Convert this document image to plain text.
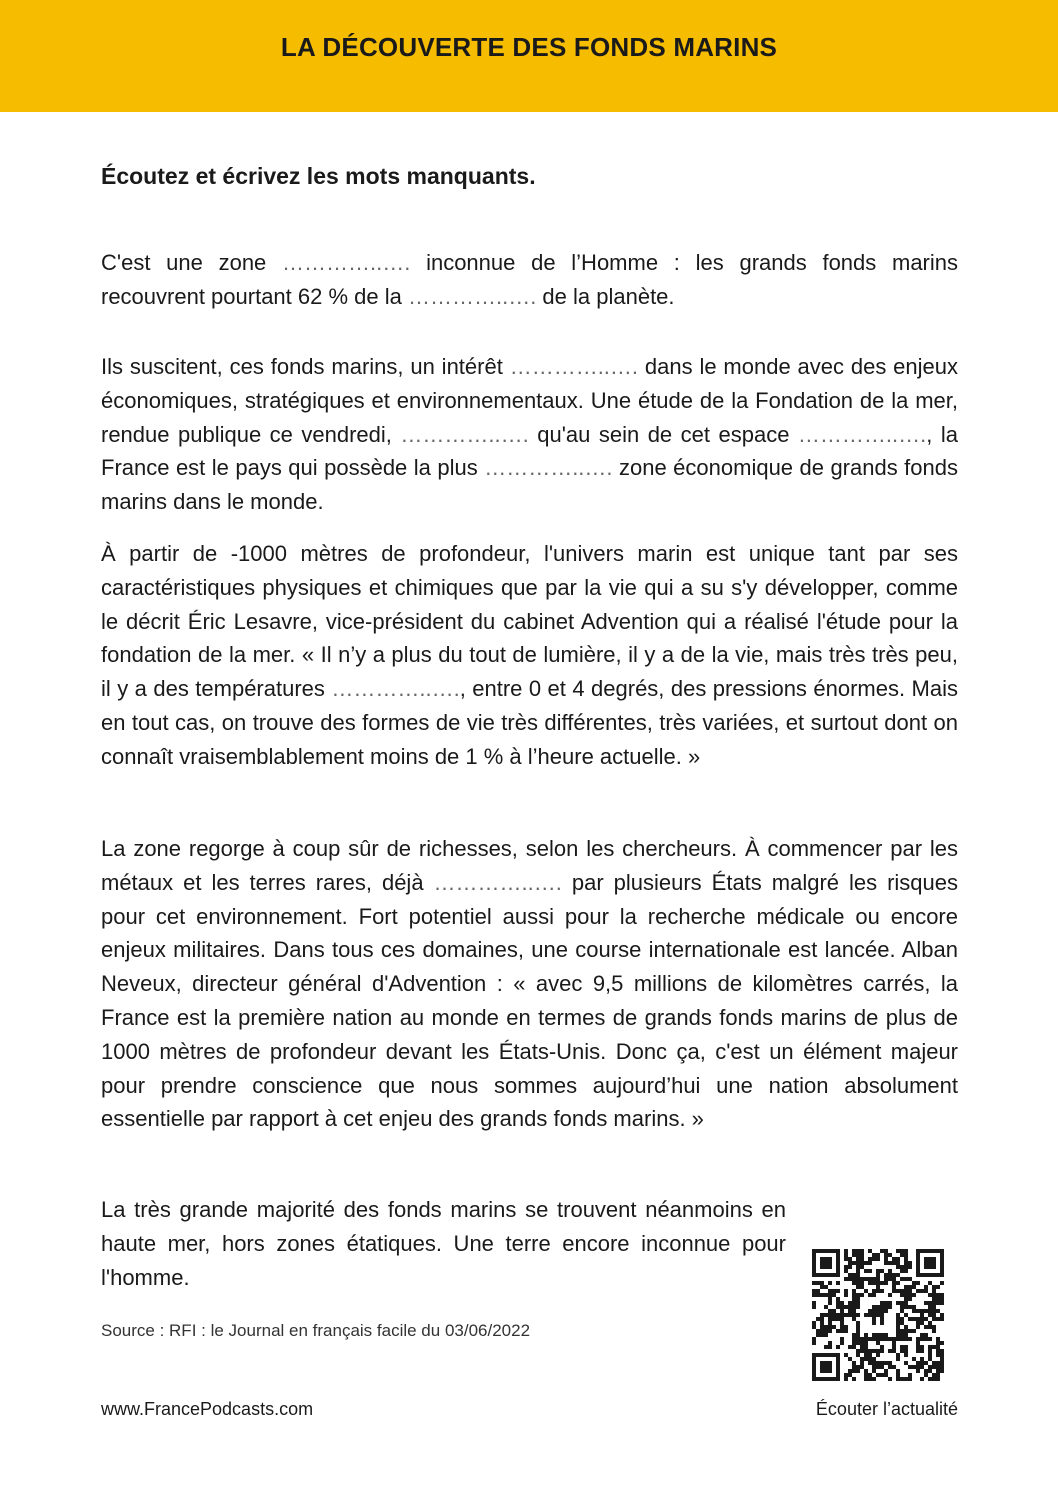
LA DÉCOUVERTE DES FONDS MARINS
Écoutez et écrivez les mots manquants.

C'est une zone …………..…. inconnue de l’Homme : les grands fonds marins recouvrent pourtant 62 % de la …………..…. de la planète.

Ils suscitent, ces fonds marins, un intérêt …………..…. dans le monde avec des enjeux économiques, stratégiques et environnementaux. Une étude de la Fondation de la mer, rendue publique ce vendredi, …………..…. qu'au sein de cet espace …………..…., la France est le pays qui possède la plus …………..…. zone économique de grands fonds marins dans le monde.

À partir de -1000 mètres de profondeur, l'univers marin est unique tant par ses caractéristiques physiques et chimiques que par la vie qui a su s'y développer, comme le décrit Éric Lesavre, vice-président du cabinet Advention qui a réalisé l'étude pour la fondation de la mer. « Il n’y a plus du tout de lumière, il y a de la vie, mais très très peu, il y a des températures …………..…., entre 0 et 4 degrés, des pressions énormes. Mais en tout cas, on trouve des formes de vie très différentes, très variées, et surtout dont on connaît vraisemblablement moins de 1 % à l’heure actuelle. »

La zone regorge à coup sûr de richesses, selon les chercheurs. À commencer par les métaux et les terres rares, déjà …………..…. par plusieurs États malgré les risques pour cet environnement. Fort potentiel aussi pour la recherche médicale ou encore enjeux militaires. Dans tous ces domaines, une course internationale est lancée. Alban Neveux, directeur général d'Advention : « avec 9,5 millions de kilomètres carrés, la France est la première nation au monde en termes de grands fonds marins de plus de 1000 mètres de profondeur devant les États-Unis. Donc ça, c'est un élément majeur pour prendre conscience que nous sommes aujourd’hui une nation absolument essentielle par rapport à cet enjeu des grands fonds marins. »

La très grande majorité des fonds marins se trouvent néanmoins en haute mer, hors zones étatiques. Une terre encore inconnue pour l'homme.

Source : RFI : le Journal en français facile du 03/06/2022
www.FrancePodcasts.com	Écouter l’actualité
